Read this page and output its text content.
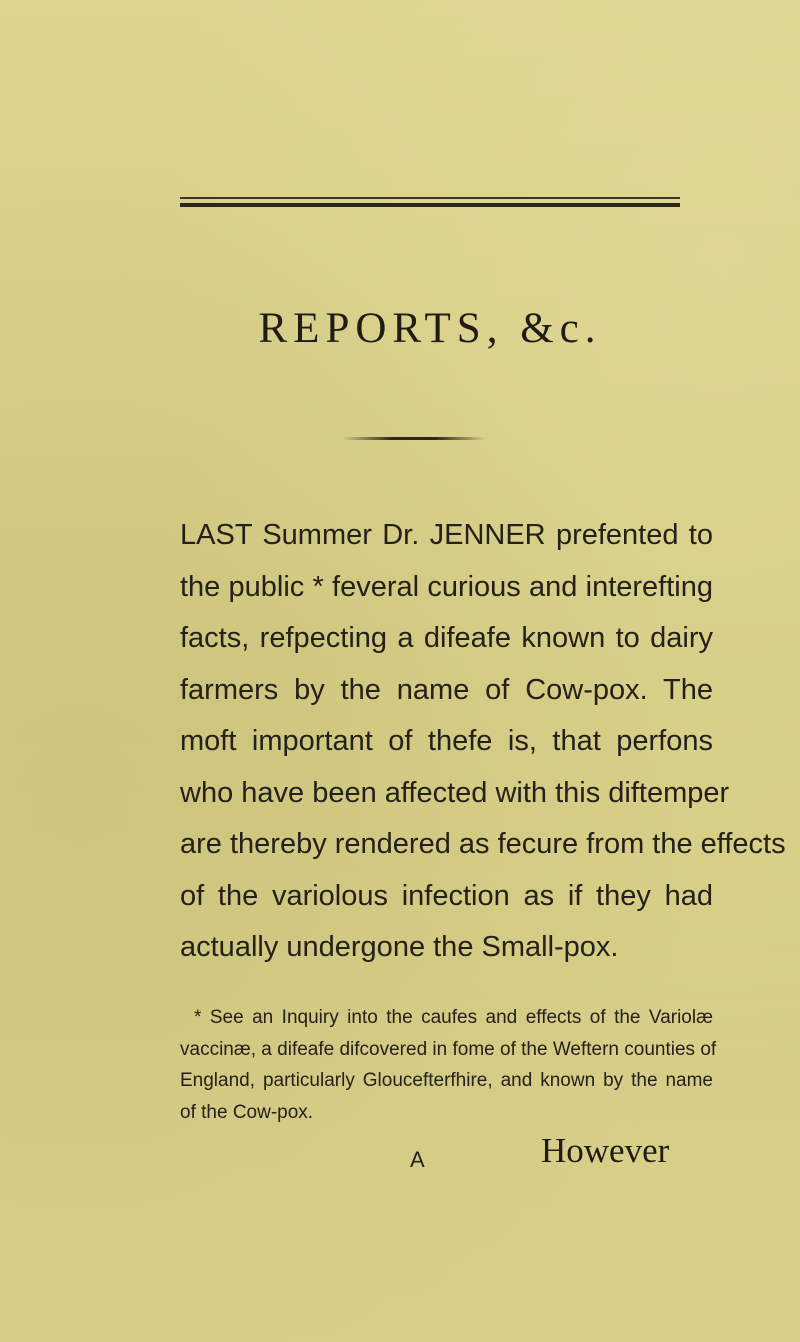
REPORTS, &c.
LAST Summer Dr. JENNER prefented to
the public * feveral curious and interefting
facts, refpecting a difeafe known to dairy
farmers by the name of Cow-pox. The
moft important of thefe is, that perfons
who have been affected with this diftemper
are thereby rendered as fecure from the effects
of the variolous infection as if they had
actually undergone the Small-pox.
* See an Inquiry into the caufes and effects of the Variolæ
vaccinæ, a difeafe difcovered in fome of the Weftern counties of
England, particularly Gloucefterfhire, and known by the name
of the Cow-pox.
A	However
